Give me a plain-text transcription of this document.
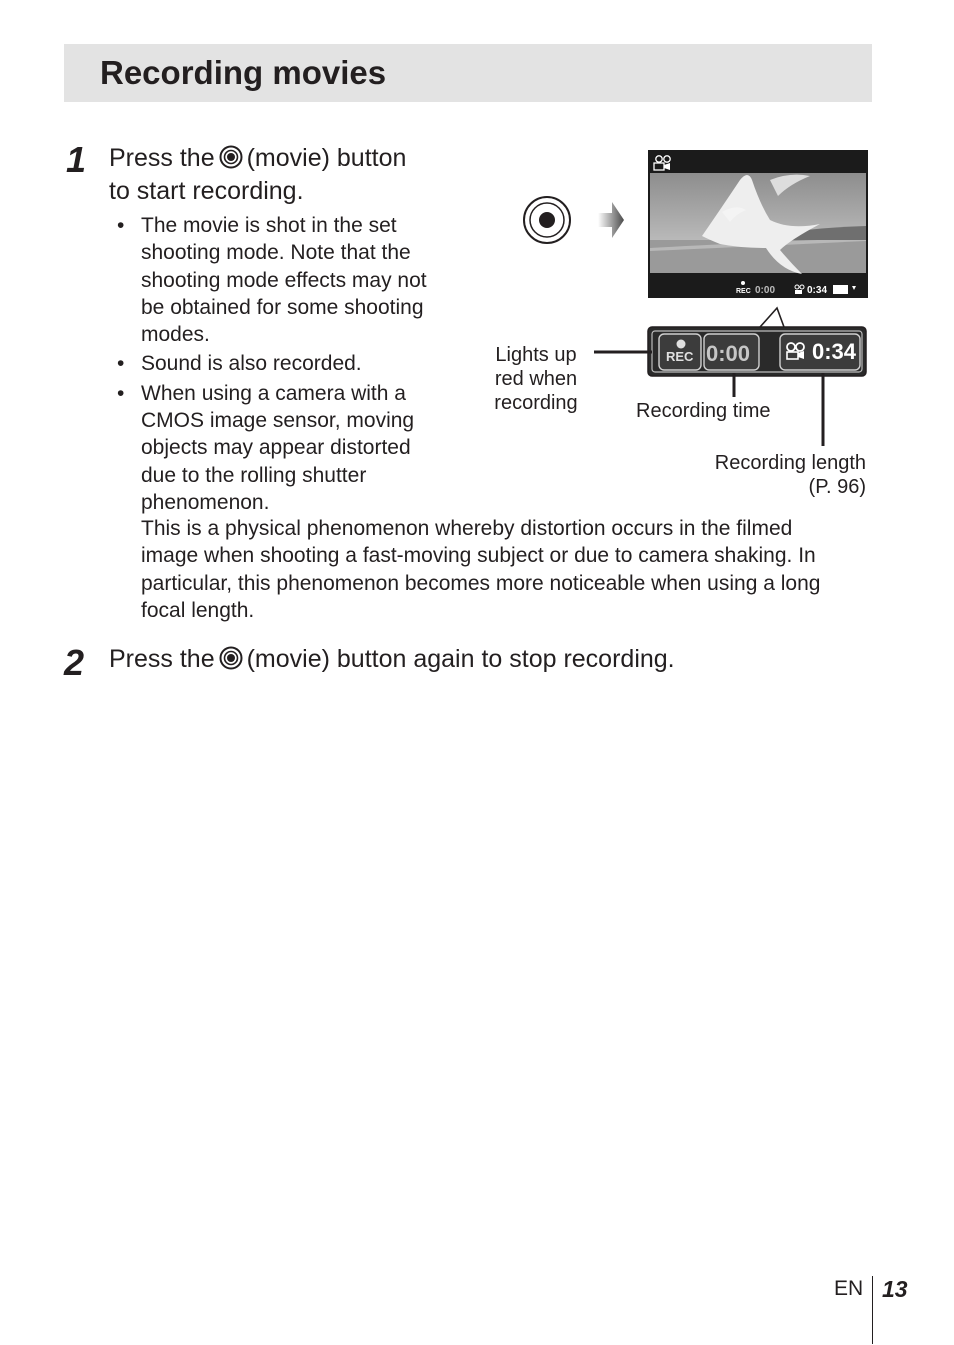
Recording movies
1 Press the (movie) button
to start recording.
• The movie is shot in the set
shooting mode. Note that the
shooting mode effects may not
be obtained for some shooting
modes.
• Sound is also recorded.
• When using a camera with a
CMOS image sensor, moving
objects may appear distorted
due to the rolling shutter
phenomenon.
This is a physical phenomenon whereby distortion occurs in the filmed
image when shooting a fast-moving subject or due to camera shaking. In
particular, this phenomenon becomes more noticeable when using a long
focal length.
REC 0:00	0:34
REC 0:00	0:34
Lights up
red when
recording	Recording time
Recording length
(P. 96)
2 Press the (movie) button again to stop recording.
EN 13
